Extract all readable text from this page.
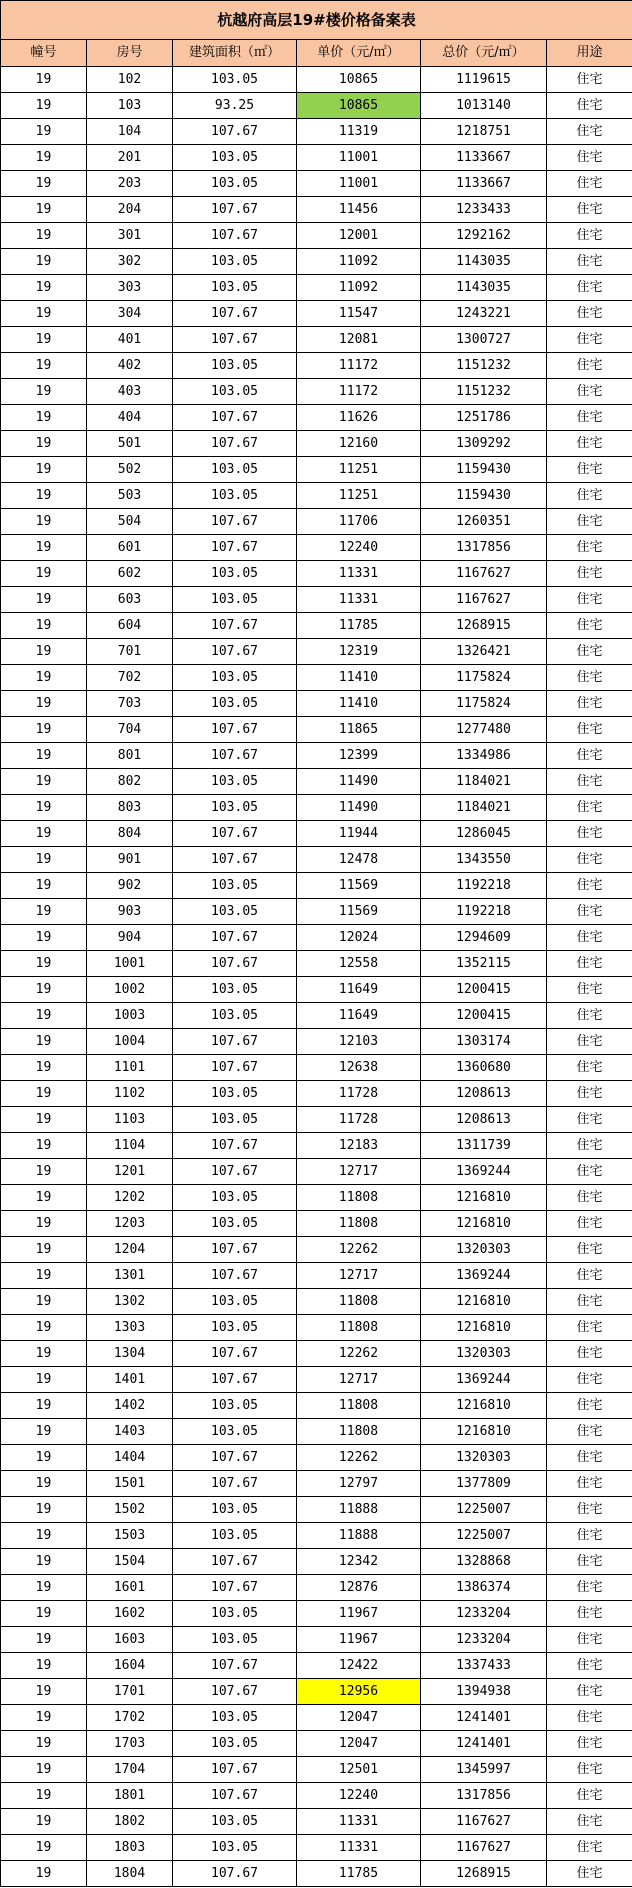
杭越府高层19#楼价格备案表					
幢号	房号	建筑面积（㎡）	单价（元/㎡）	总价（元/㎡）	用途
19	102	103.05	10865	1119615	住宅
19	103	93.25	10865	1013140	住宅
19	104	107.67	11319	1218751	住宅
19	201	103.05	11001	1133667	住宅
19	203	103.05	11001	1133667	住宅
19	204	107.67	11456	1233433	住宅
19	301	107.67	12001	1292162	住宅
19	302	103.05	11092	1143035	住宅
19	303	103.05	11092	1143035	住宅
19	304	107.67	11547	1243221	住宅
19	401	107.67	12081	1300727	住宅
19	402	103.05	11172	1151232	住宅
19	403	103.05	11172	1151232	住宅
19	404	107.67	11626	1251786	住宅
19	501	107.67	12160	1309292	住宅
19	502	103.05	11251	1159430	住宅
19	503	103.05	11251	1159430	住宅
19	504	107.67	11706	1260351	住宅
19	601	107.67	12240	1317856	住宅
19	602	103.05	11331	1167627	住宅
19	603	103.05	11331	1167627	住宅
19	604	107.67	11785	1268915	住宅
19	701	107.67	12319	1326421	住宅
19	702	103.05	11410	1175824	住宅
19	703	103.05	11410	1175824	住宅
19	704	107.67	11865	1277480	住宅
19	801	107.67	12399	1334986	住宅
19	802	103.05	11490	1184021	住宅
19	803	103.05	11490	1184021	住宅
19	804	107.67	11944	1286045	住宅
19	901	107.67	12478	1343550	住宅
19	902	103.05	11569	1192218	住宅
19	903	103.05	11569	1192218	住宅
19	904	107.67	12024	1294609	住宅
19	1001	107.67	12558	1352115	住宅
19	1002	103.05	11649	1200415	住宅
19	1003	103.05	11649	1200415	住宅
19	1004	107.67	12103	1303174	住宅
19	1101	107.67	12638	1360680	住宅
19	1102	103.05	11728	1208613	住宅
19	1103	103.05	11728	1208613	住宅
19	1104	107.67	12183	1311739	住宅
19	1201	107.67	12717	1369244	住宅
19	1202	103.05	11808	1216810	住宅
19	1203	103.05	11808	1216810	住宅
19	1204	107.67	12262	1320303	住宅
19	1301	107.67	12717	1369244	住宅
19	1302	103.05	11808	1216810	住宅
19	1303	103.05	11808	1216810	住宅
19	1304	107.67	12262	1320303	住宅
19	1401	107.67	12717	1369244	住宅
19	1402	103.05	11808	1216810	住宅
19	1403	103.05	11808	1216810	住宅
19	1404	107.67	12262	1320303	住宅
19	1501	107.67	12797	1377809	住宅
19	1502	103.05	11888	1225007	住宅
19	1503	103.05	11888	1225007	住宅
19	1504	107.67	12342	1328868	住宅
19	1601	107.67	12876	1386374	住宅
19	1602	103.05	11967	1233204	住宅
19	1603	103.05	11967	1233204	住宅
19	1604	107.67	12422	1337433	住宅
19	1701	107.67	12956	1394938	住宅
19	1702	103.05	12047	1241401	住宅
19	1703	103.05	12047	1241401	住宅
19	1704	107.67	12501	1345997	住宅
19	1801	107.67	12240	1317856	住宅
19	1802	103.05	11331	1167627	住宅
19	1803	103.05	11331	1167627	住宅
19	1804	107.67	11785	1268915	住宅
